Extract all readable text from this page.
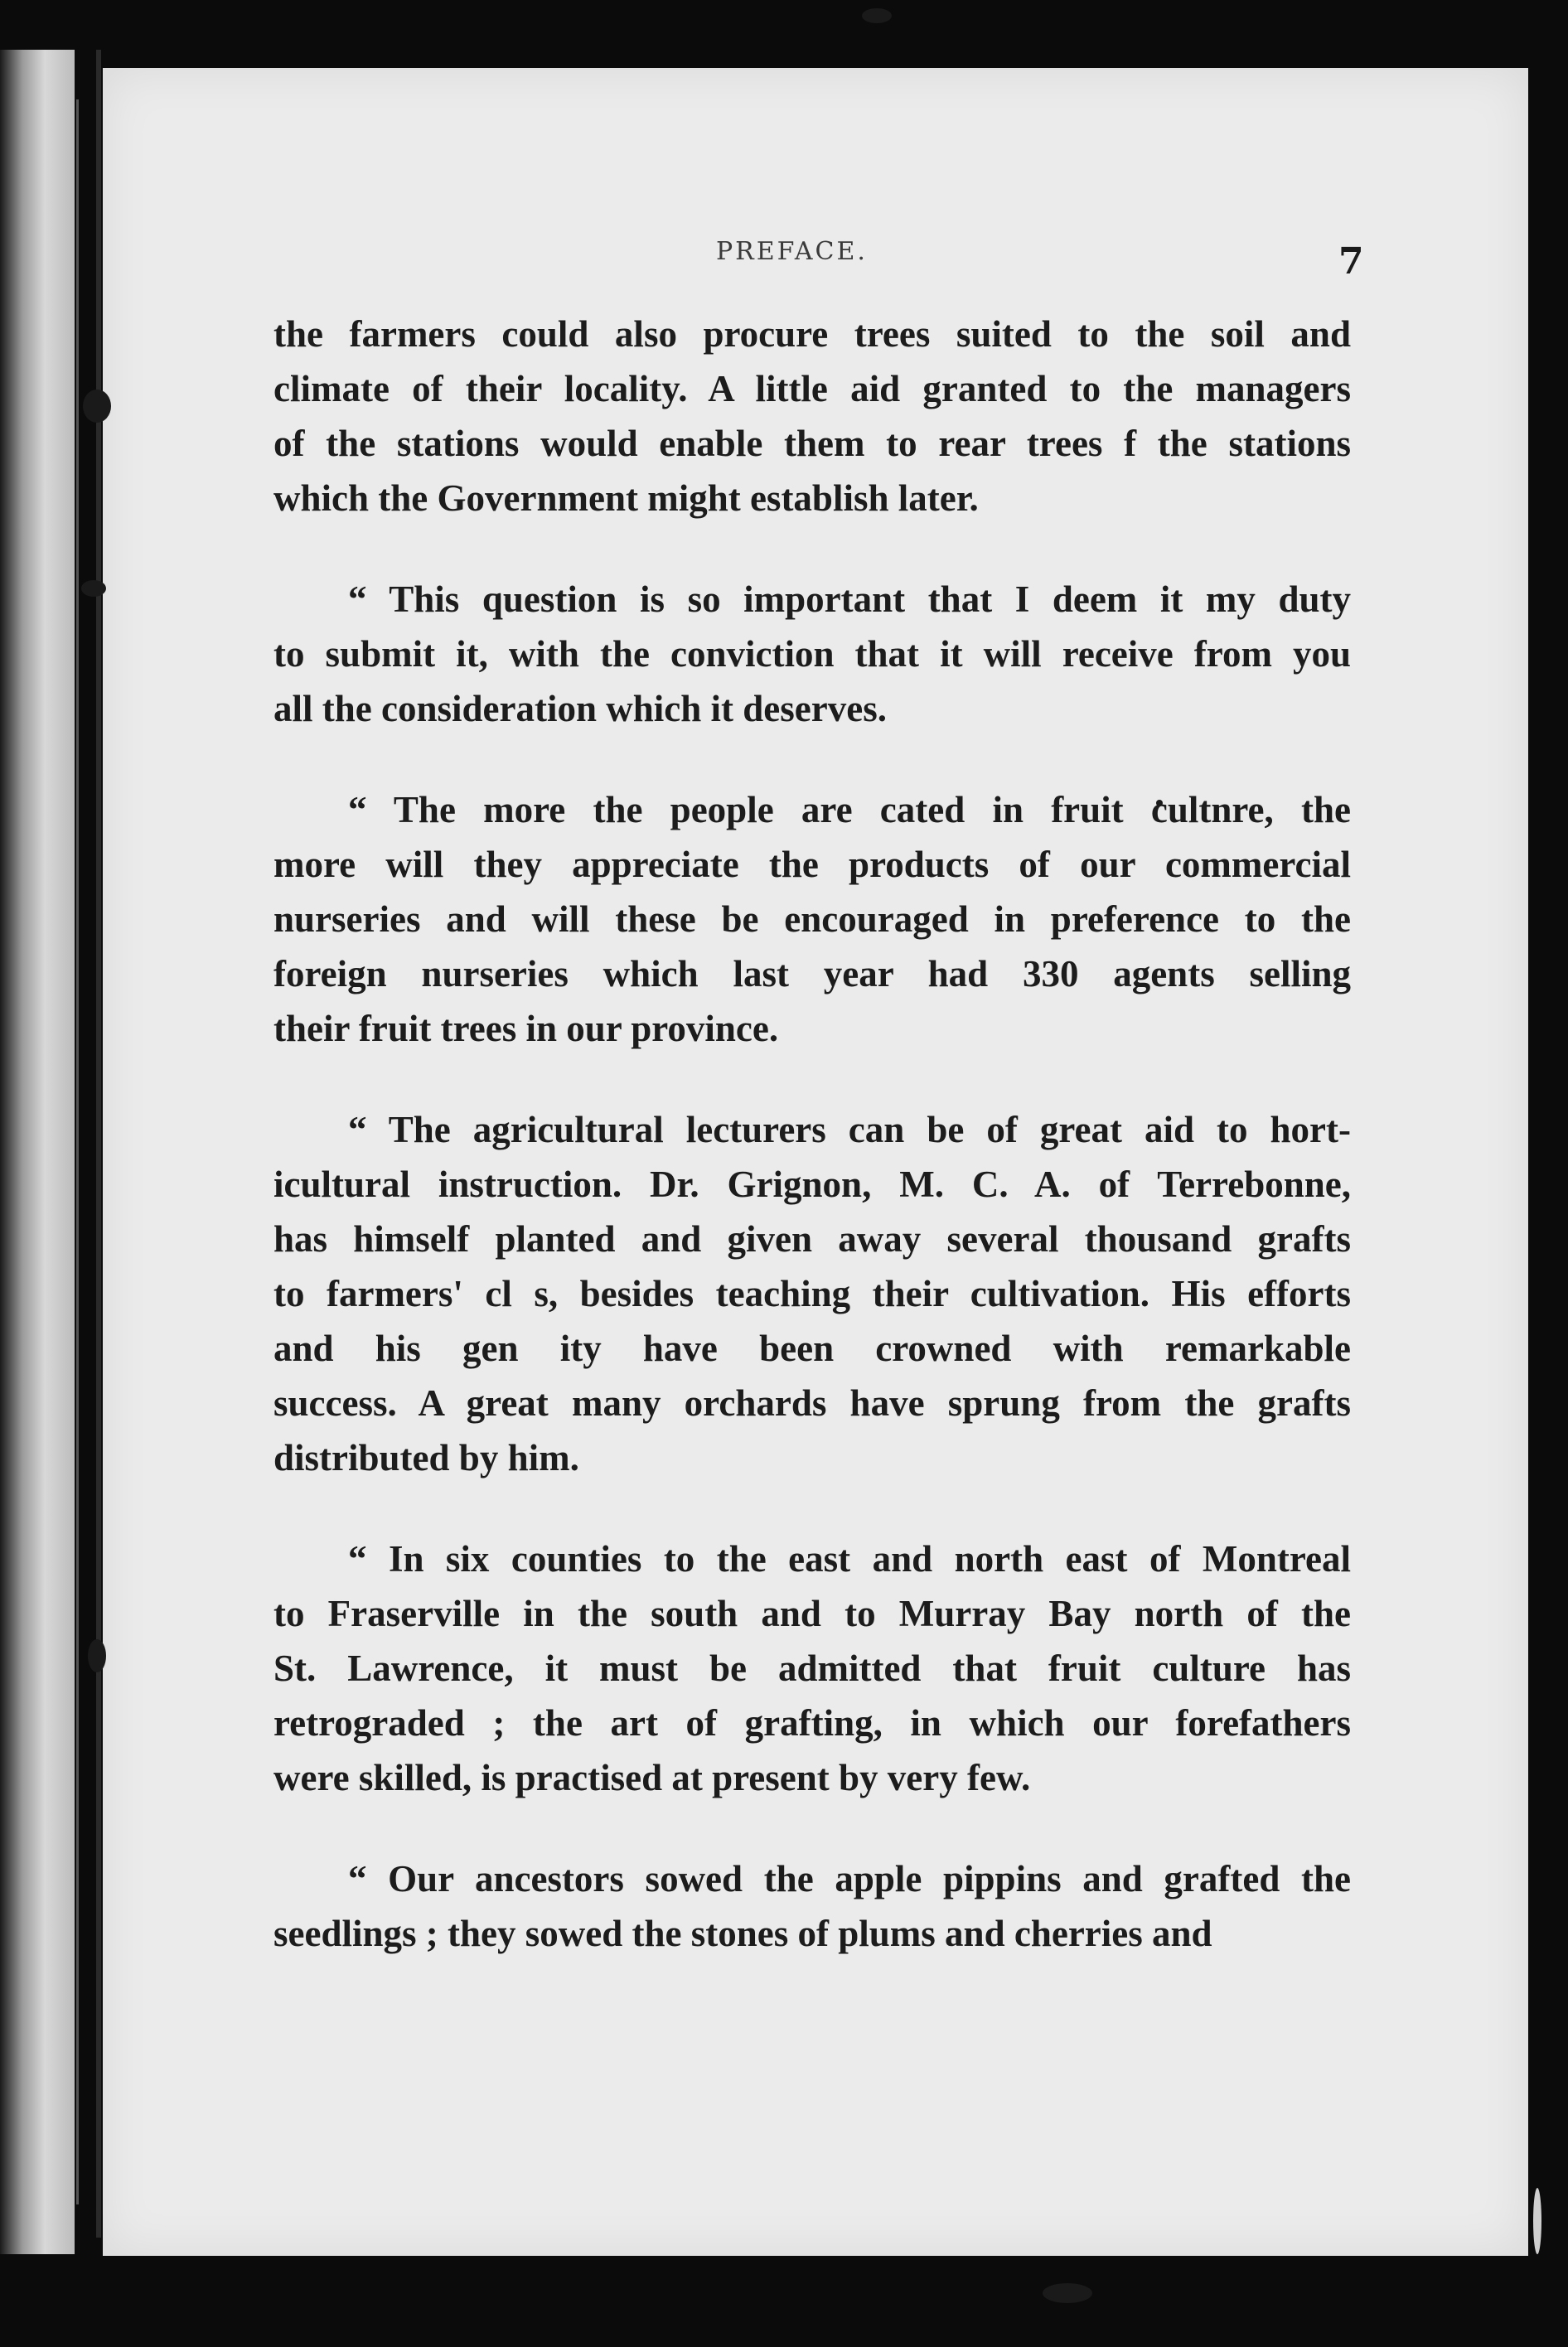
PREFACE.	7
the farmers could also procure trees suited to the soil and
climate of their locality. A little aid granted to the managers
of the stations would enable them to rear trees f the stations
which the Government might establish later.
“ This question is so important that I deem it my duty
to submit it, with the conviction that it will receive from you
all the consideration which it deserves.
“ The more the people are cated in fruit cultnre, the
more will they appreciate the products of our commercial
nurseries and will these be encouraged in preference to the
foreign nurseries which last year had 330 agents selling
their fruit trees in our province.
“ The agricultural lecturers can be of great aid to hort-
icultural instruction. Dr. Grignon, M. C. A. of Terrebonne,
has himself planted and given away several thousand grafts
to farmers' cl s, besides teaching their cultivation. His efforts
and his gen ity have been crowned with remarkable
success. A great many orchards have sprung from the grafts
distributed by him.
“ In six counties to the east and north east of Montreal
to Fraserville in the south and to Murray Bay north of the
St. Lawrence, it must be admitted that fruit culture has
retrograded ; the art of grafting, in which our forefathers
were skilled, is practised at present by very few.
“ Our ancestors sowed the apple pippins and grafted the
seedlings ; they sowed the stones of plums and cherries and
